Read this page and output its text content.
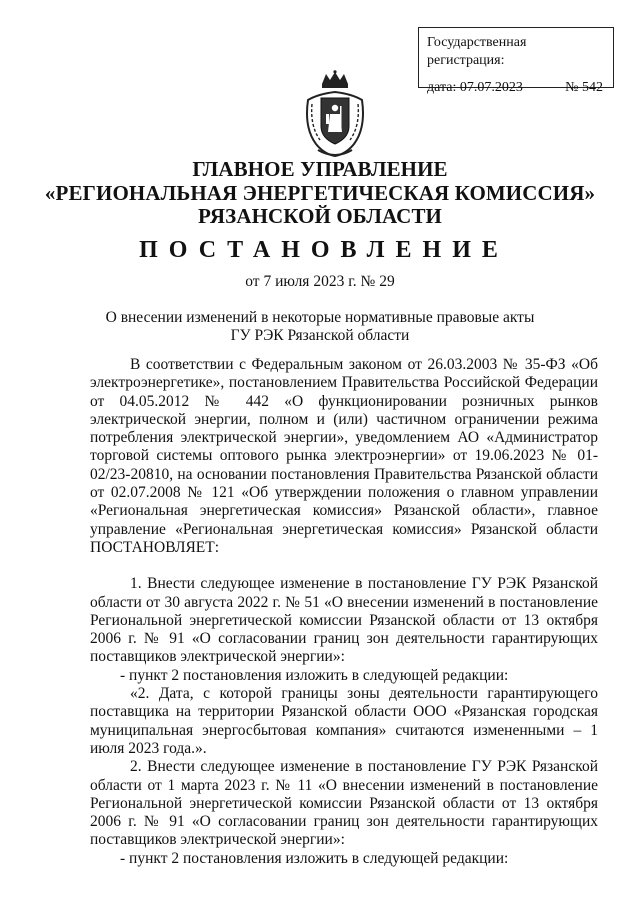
Государственная регистрация:
дата: 07.07.2023	№ 542
ГЛАВНОЕ УПРАВЛЕНИЕ
«РЕГИОНАЛЬНАЯ ЭНЕРГЕТИЧЕСКАЯ КОМИССИЯ»
РЯЗАНСКОЙ ОБЛАСТИ
ПОСТАНОВЛЕНИЕ
от 7 июля 2023 г. № 29
О внесении изменений в некоторые нормативные правовые акты
ГУ РЭК Рязанской области

В соответствии с Федеральным законом от 26.03.2003 № 35-ФЗ «Об электроэнергетике», постановлением Правительства Российской Федерации от 04.05.2012 № 442 «О функционировании розничных рынков электрической энергии, полном и (или) частичном ограничении режима потребления электрической энергии», уведомлением АО «Администратор торговой системы оптового рынка электроэнергии» от 19.06.2023 № 01-02/23-20810, на основании постановления Правительства Рязанской области от 02.07.2008 № 121 «Об утверждении положения о главном управлении «Региональная энергетическая комиссия» Рязанской области», главное управление «Региональная энергетическая комиссия» Рязанской области ПОСТАНОВЛЯЕТ:

1. Внести следующее изменение в постановление ГУ РЭК Рязанской области от 30 августа 2022 г. № 51 «О внесении изменений в постановление Региональной энергетической комиссии Рязанской области от 13 октября 2006 г. № 91 «О согласовании границ зон деятельности гарантирующих поставщиков электрической энергии»:

- пункт 2 постановления изложить в следующей редакции:

«2. Дата, с которой границы зоны деятельности гарантирующего поставщика на территории Рязанской области ООО «Рязанская городская муниципальная энергосбытовая компания» считаются измененными – 1 июля 2023 года.».

2. Внести следующее изменение в постановление ГУ РЭК Рязанской области от 1 марта 2023 г. № 11 «О внесении изменений в постановление Региональной энергетической комиссии Рязанской области от 13 октября 2006 г. № 91 «О согласовании границ зон деятельности гарантирующих поставщиков электрической энергии»:

- пункт 2 постановления изложить в следующей редакции:
